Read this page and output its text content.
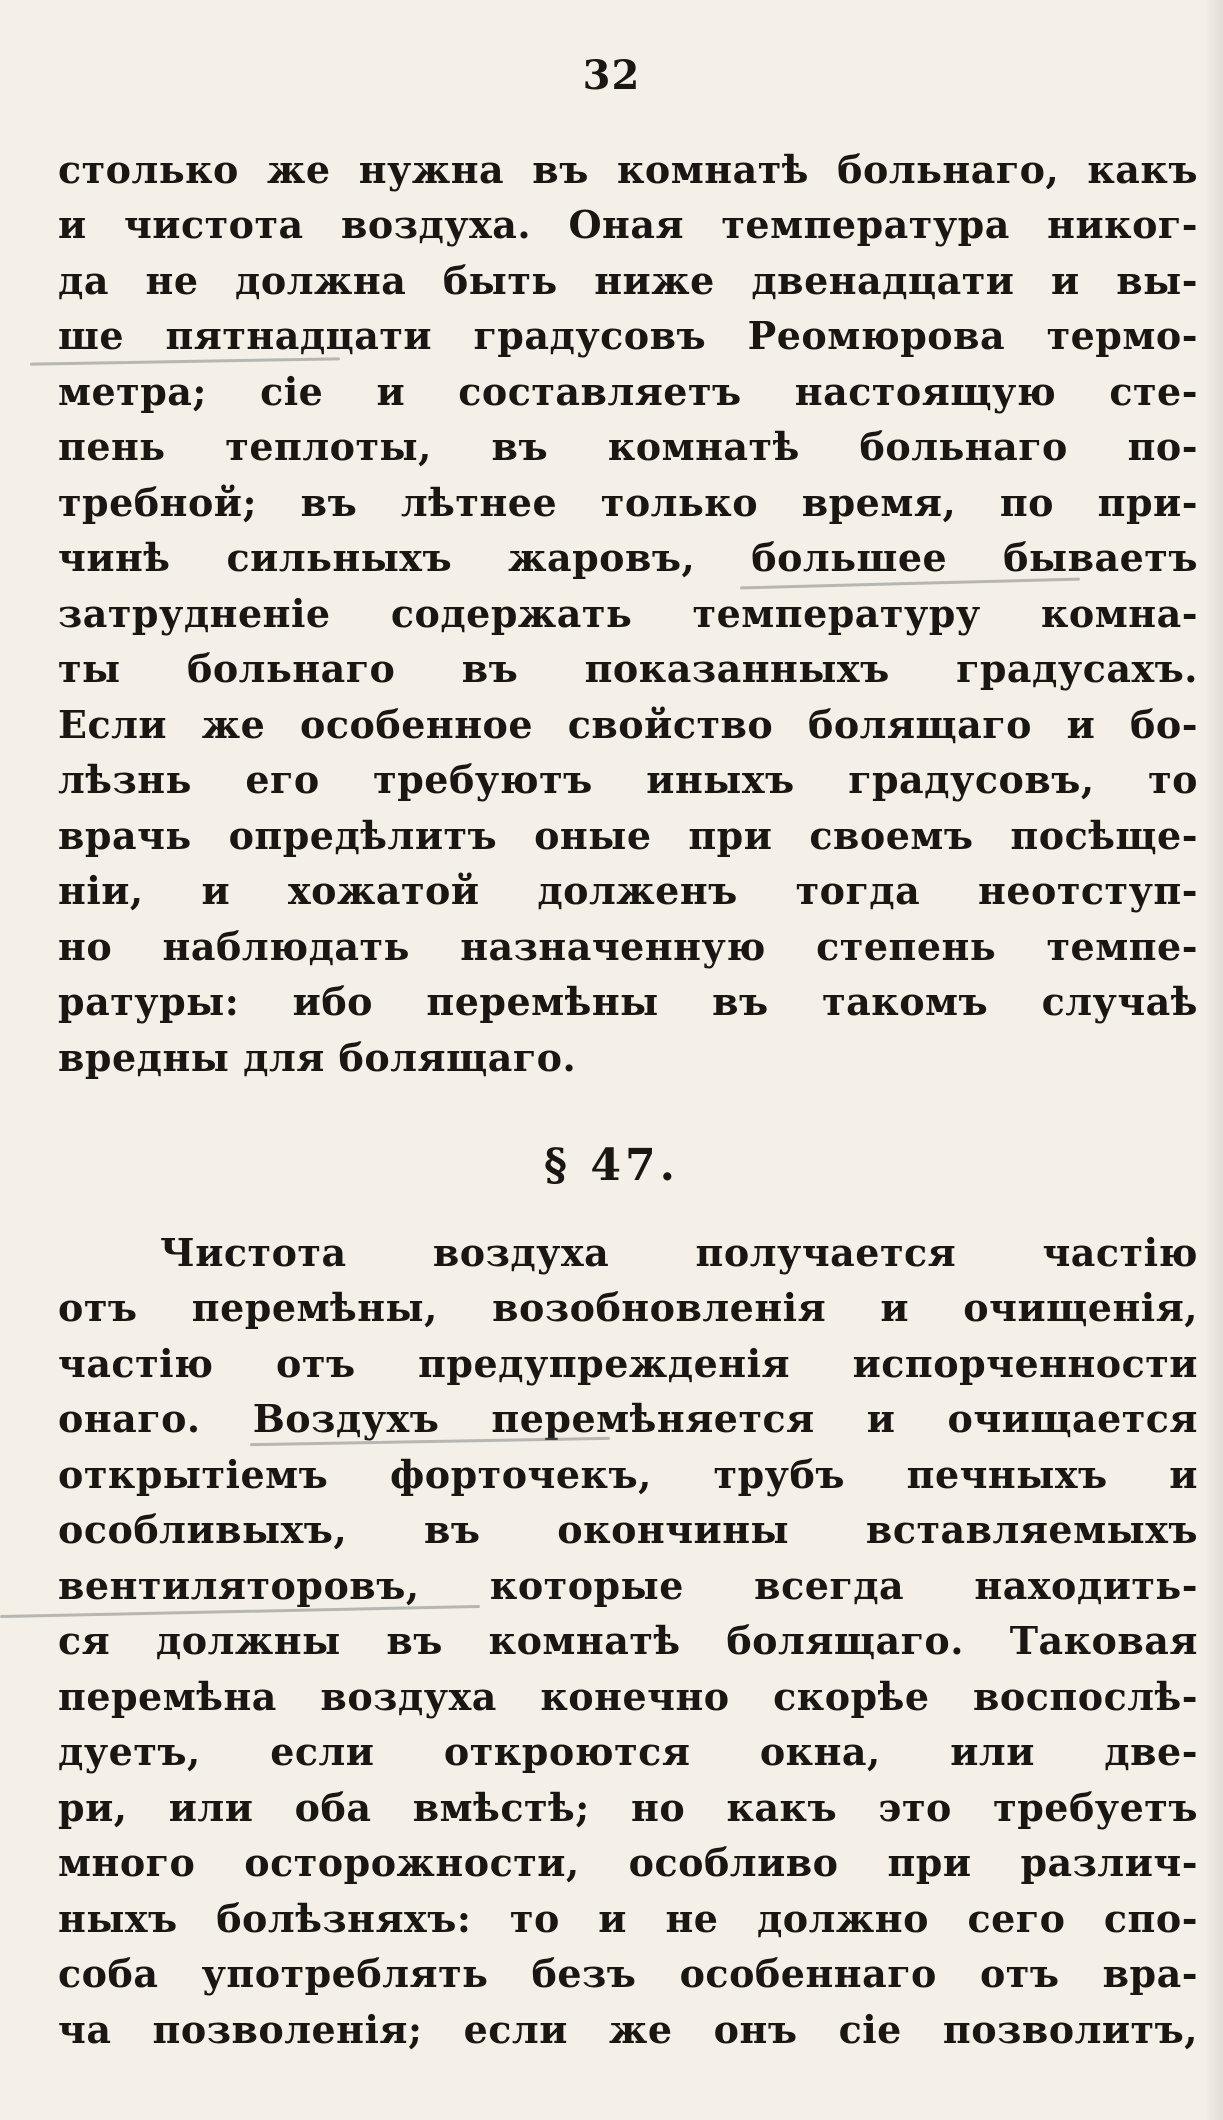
32
столько же нужна въ комнатѣ больнаго, какъ
и чистота воздуха. Оная температура никог-
да не должна быть ниже двенадцати и вы-
ше пятнадцати градусовъ Реомюрова термо-
метра; сіе и составляетъ настоящую сте-
пень теплоты, въ комнатѣ больнаго по-
требной; въ лѣтнее только время, по при-
чинѣ сильныхъ жаровъ, большее бываетъ
затрудненіе содержать температуру комна-
ты больнаго въ показанныхъ градусахъ.
Если же особенное свойство болящаго и бо-
лѣзнь его требуютъ иныхъ градусовъ, то
врачь опредѣлитъ оные при своемъ посѣще-
ніи, и хожатой долженъ тогда неотступ-
но наблюдать назначенную степень темпе-
ратуры: ибо перемѣны въ такомъ случаѣ
вредны для болящаго.
§ 47.
Чистота воздуха получается частію
отъ перемѣны, возобновленія и очищенія,
частію отъ предупрежденія испорченности
онаго. Воздухъ перемѣняется и очищается
открытіемъ форточекъ, трубъ печныхъ и
особливыхъ, въ окончины вставляемыхъ
вентиляторовъ, которые всегда находить-
ся должны въ комнатѣ болящаго. Таковая
перемѣна воздуха конечно скорѣе воспослѣ-
дуетъ, если откроются окна, или две-
ри, или оба вмѣстѣ; но какъ это требуетъ
много осторожности, особливо при различ-
ныхъ болѣзняхъ: то и не должно сего спо-
соба употреблять безъ особеннаго отъ вра-
ча позволенія; если же онъ сіе позволитъ,
